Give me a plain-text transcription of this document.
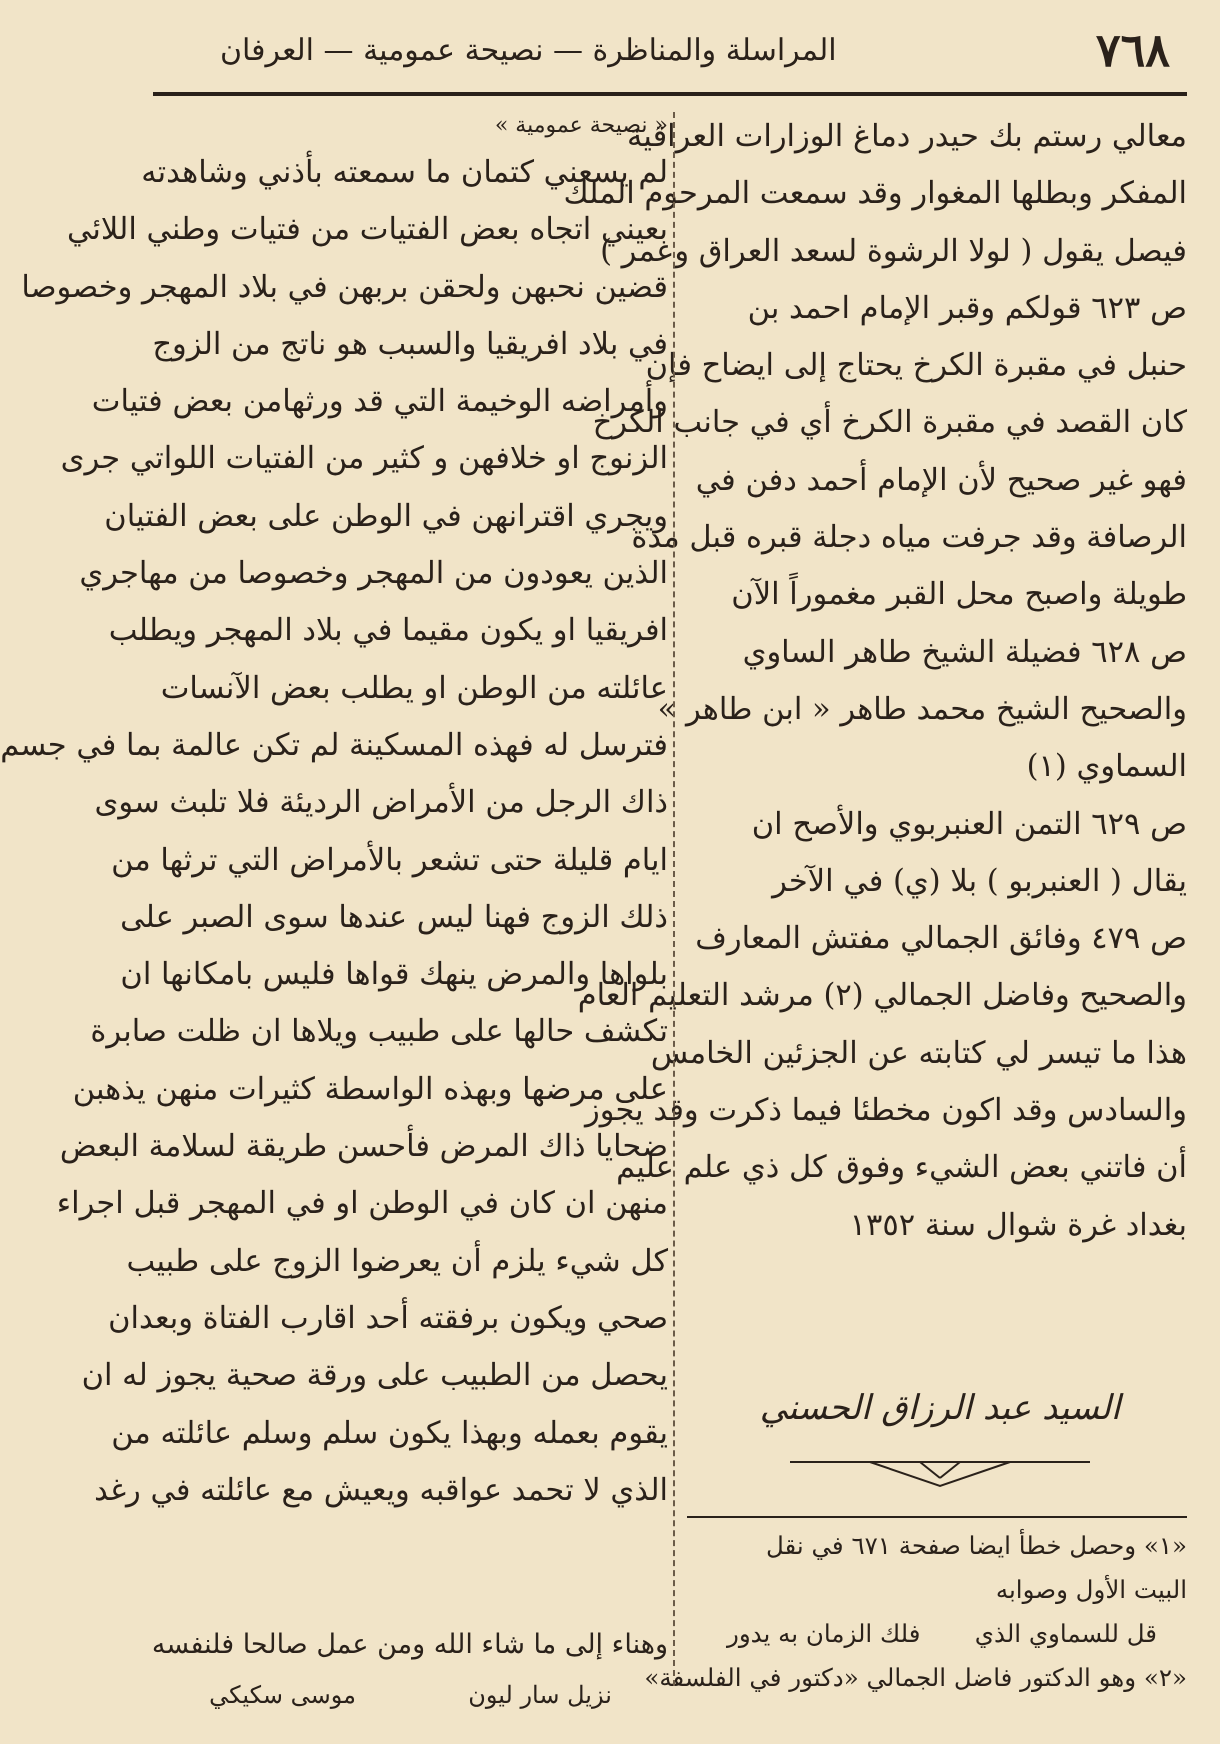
٧٦٨
المراسلة والمناظرة — نصيحة عمومية — العرفان
معالي رستم بك حيدر دماغ الوزارات العراقية
المفكر وبطلها المغوار وقد سمعت المرحوم الملك
فيصل يقول ( لولا الرشوة لسعد العراق وعمر )
ص ٦٢٣ قولكم وقبر الإمام احمد بن
حنبل في مقبرة الكرخ يحتاج إلى ايضاح فإن
كان القصد في مقبرة الكرخ أي في جانب الكرخ
فهو غير صحيح لأن الإمام أحمد دفن في
الرصافة وقد جرفت مياه دجلة قبره قبل مدة
طويلة واصبح محل القبر مغموراً الآن
ص ٦٢٨ فضيلة الشيخ طاهر الساوي
والصحيح الشيخ محمد طاهر « ابن طاهر »
السماوي (١)
ص ٦٢٩ التمن العنبربوي والأصح ان
يقال ( العنبربو ) بلا (ي) في الآخر
ص ٤٧٩ وفائق الجمالي مفتش المعارف
والصحيح وفاضل الجمالي (٢) مرشد التعليم العام
هذا ما تيسر لي كتابته عن الجزئين الخامس
والسادس وقد اكون مخطئا فيما ذكرت وقد يجوز
أن فاتني بعض الشيء وفوق كل ذي علم عليم
بغداد غرة شوال سنة ١٣٥٢
السيد عبد الرزاق الحسني
«١» وحصل خطأ ايضا صفحة ٦٧١ في نقل
البيت الأول وصوابه
قل للسماوي الذي
فلك الزمان به يدور
«٢» وهو الدكتور فاضل الجمالي «دكتور في الفلسفة»
« نصيحة عمومية »
لم يسعني كتمان ما سمعته بأذني وشاهدته
بعيني اتجاه بعض الفتيات من فتيات وطني اللائي
قضين نحبهن ولحقن بربهن في بلاد المهجر وخصوصا
في بلاد افريقيا والسبب هو ناتج من الزوج
وأمراضه الوخيمة التي قد ورثهامن بعض فتيات
الزنوج او خلافهن و كثير من الفتيات اللواتي جرى
ويجري اقترانهن في الوطن على بعض الفتيان
الذين يعودون من المهجر وخصوصا من مهاجري
افريقيا او يكون مقيما في بلاد المهجر ويطلب
عائلته من الوطن او يطلب بعض الآنسات
فترسل له فهذه المسكينة لم تكن عالمة بما في جسم
ذاك الرجل من الأمراض الرديئة فلا تلبث سوى
ايام قليلة حتى تشعر بالأمراض التي ترثها من
ذلك الزوج فهنا ليس عندها سوى الصبر على
بلواها والمرض ينهك قواها فليس بامكانها ان
تكشف حالها على طبيب ويلاها ان ظلت صابرة
على مرضها وبهذه الواسطة كثيرات منهن يذهبن
ضحايا ذاك المرض فأحسن طريقة لسلامة البعض
منهن ان كان في الوطن او في المهجر قبل اجراء
كل شيء يلزم أن يعرضوا الزوج على طبيب
صحي ويكون برفقته أحد اقارب الفتاة وبعدان
يحصل من الطبيب على ورقة صحية يجوز له ان
يقوم بعمله وبهذا يكون سلم وسلم عائلته من
الذي لا تحمد عواقبه ويعيش مع عائلته في رغد
وهناء إلى ما شاء الله ومن عمل صالحا فلنفسه
نزيل سار ليون
موسى سكيكي
